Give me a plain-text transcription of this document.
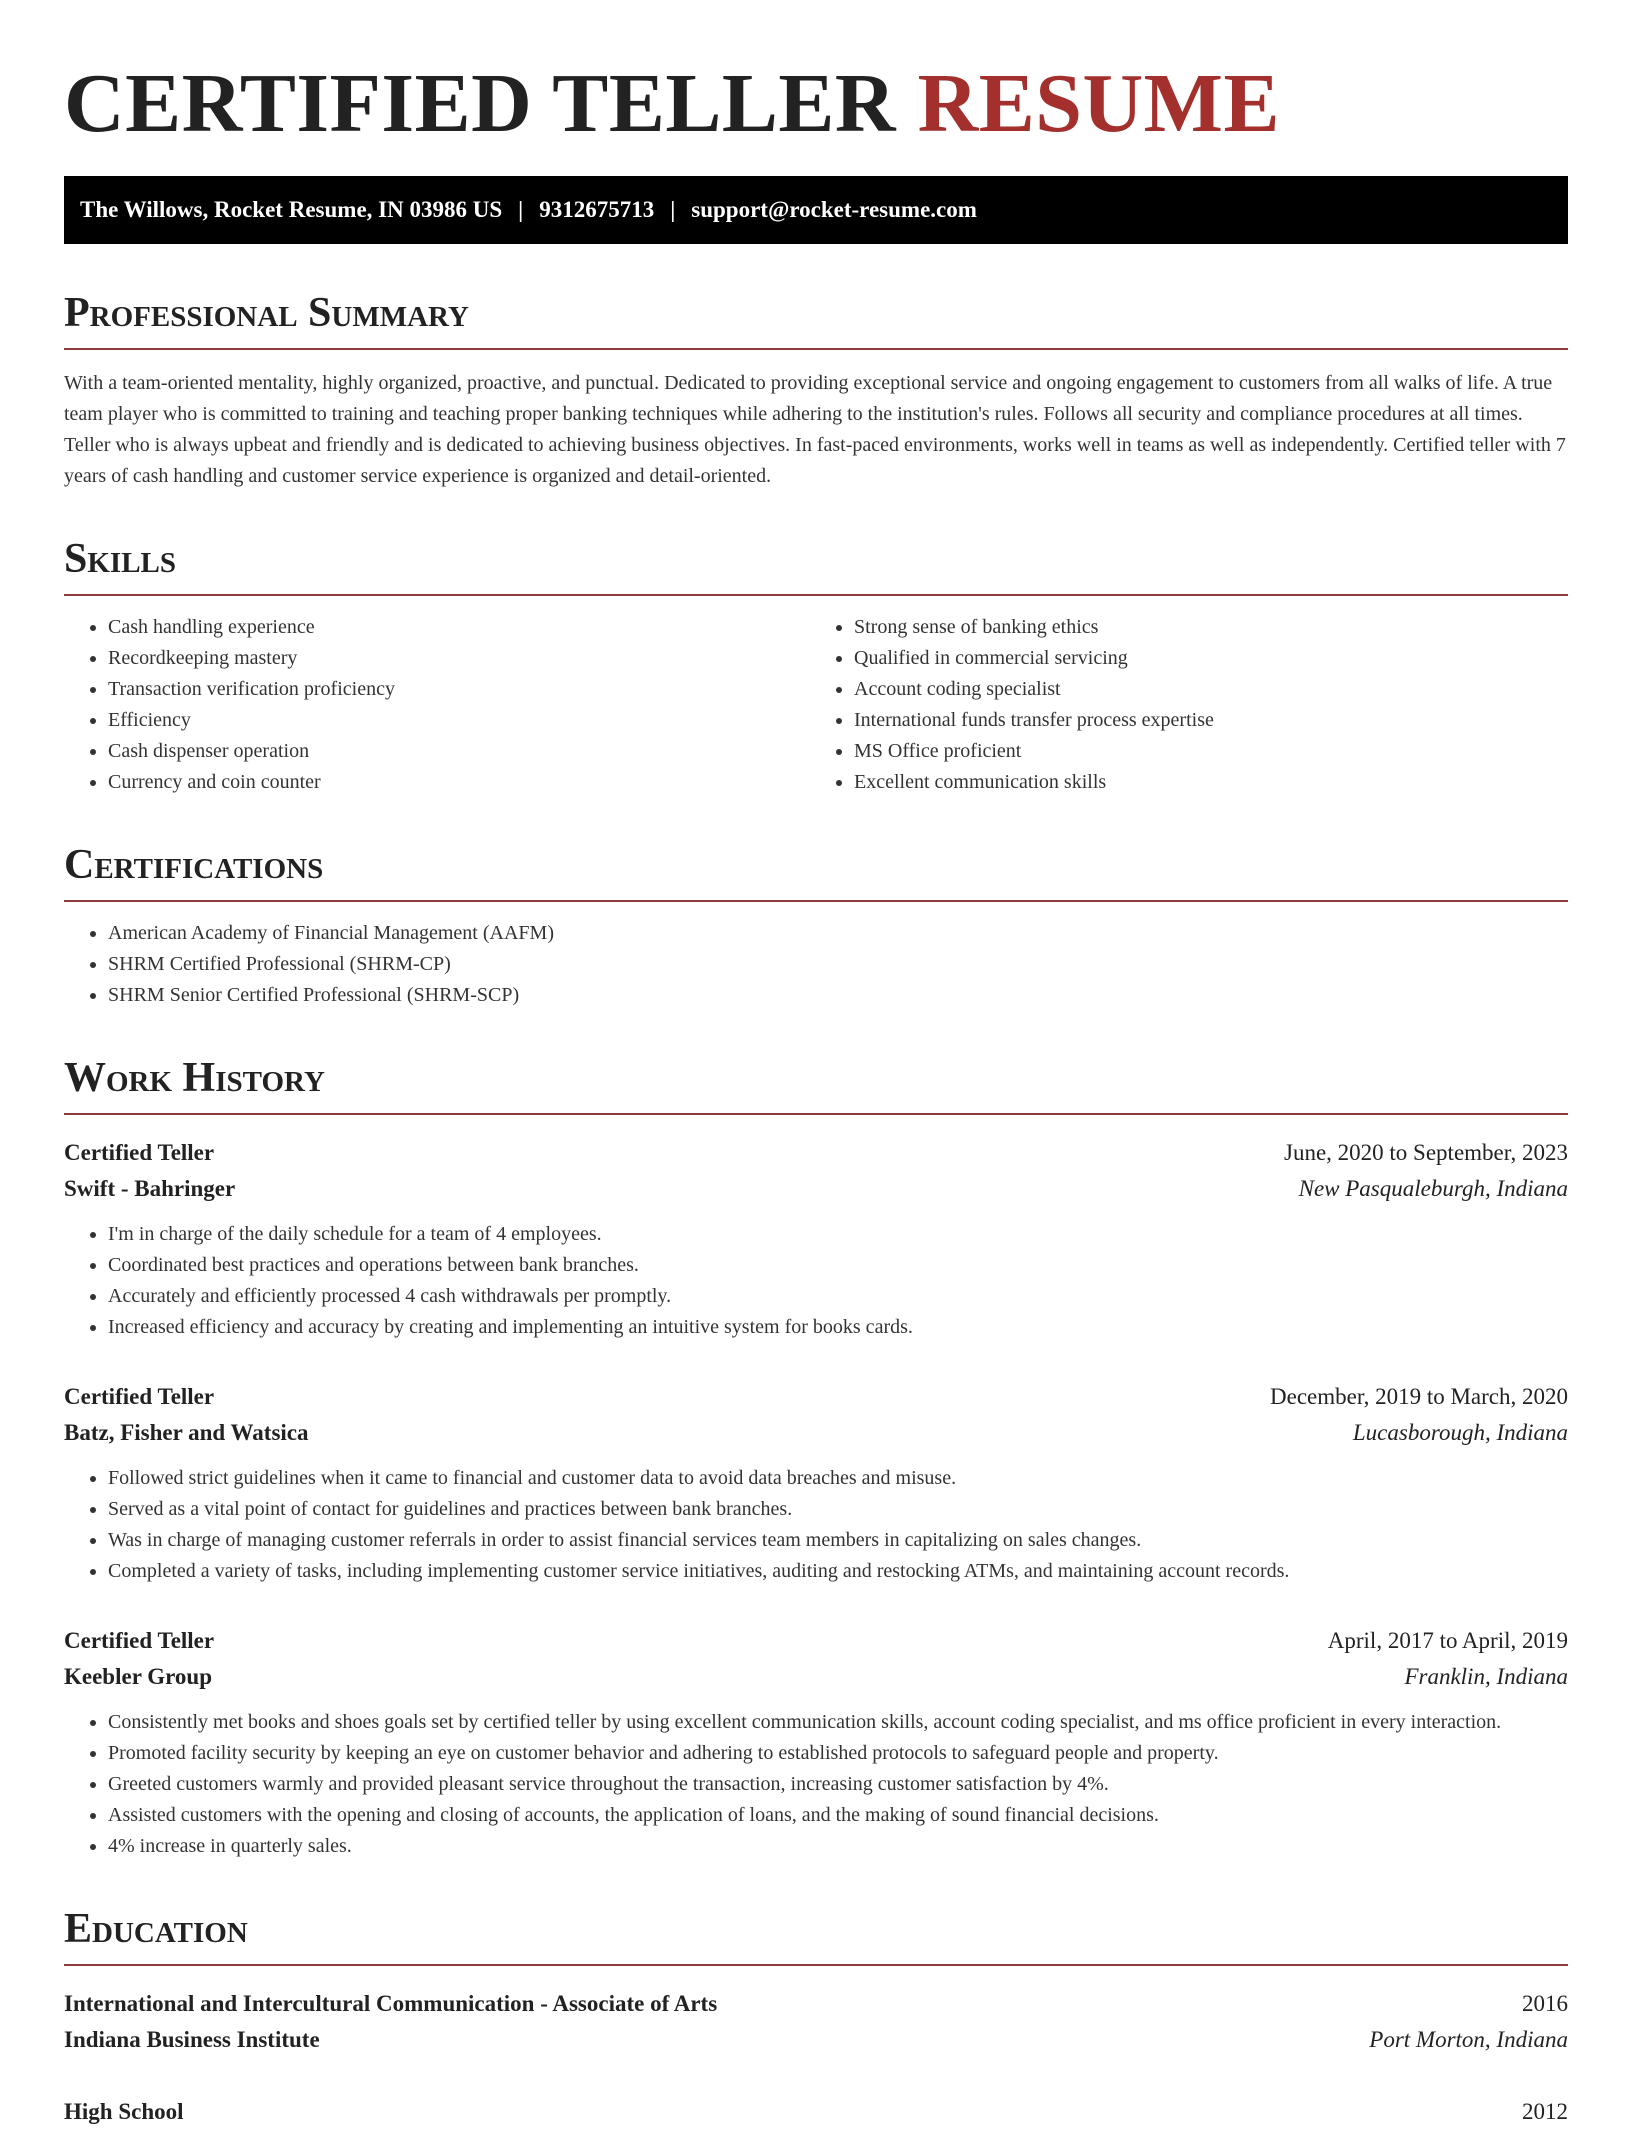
CERTIFIED TELLER RESUME
The Willows, Rocket Resume, IN 03986 US | 9312675713 | support@rocket-resume.com
Professional Summary

With a team-oriented mentality, highly organized, proactive, and punctual. Dedicated to providing exceptional service and ongoing engagement to customers from all walks of life. A true team player who is committed to training and teaching proper banking techniques while adhering to the institution's rules. Follows all security and compliance procedures at all times. Teller who is always upbeat and friendly and is dedicated to achieving business objectives. In fast-paced environments, works well in teams as well as independently. Certified teller with 7 years of cash handling and customer service experience is organized and detail-oriented.

Skills
• Cash handling experience
• Recordkeeping mastery
• Transaction verification proficiency
• Efficiency
• Cash dispenser operation
• Currency and coin counter
• Strong sense of banking ethics
• Qualified in commercial servicing
• Account coding specialist
• International funds transfer process expertise
• MS Office proficient
• Excellent communication skills
Certifications
• American Academy of Financial Management (AAFM)
• SHRM Certified Professional (SHRM-CP)
• SHRM Senior Certified Professional (SHRM-SCP)
Work History
Certified Teller	June, 2020 to September, 2023
Swift - Bahringer	New Pasqualeburgh, Indiana
• I'm in charge of the daily schedule for a team of 4 employees.
• Coordinated best practices and operations between bank branches.
• Accurately and efficiently processed 4 cash withdrawals per promptly.
• Increased efficiency and accuracy by creating and implementing an intuitive system for books cards.
Certified Teller	December, 2019 to March, 2020
Batz, Fisher and Watsica	Lucasborough, Indiana
• Followed strict guidelines when it came to financial and customer data to avoid data breaches and misuse.
• Served as a vital point of contact for guidelines and practices between bank branches.
• Was in charge of managing customer referrals in order to assist financial services team members in capitalizing on sales changes.
• Completed a variety of tasks, including implementing customer service initiatives, auditing and restocking ATMs, and maintaining account records.
Certified Teller	April, 2017 to April, 2019
Keebler Group	Franklin, Indiana
• Consistently met books and shoes goals set by certified teller by using excellent communication skills, account coding specialist, and ms office proficient in every interaction.
• Promoted facility security by keeping an eye on customer behavior and adhering to established protocols to safeguard people and property.
• Greeted customers warmly and provided pleasant service throughout the transaction, increasing customer satisfaction by 4%.
• Assisted customers with the opening and closing of accounts, the application of loans, and the making of sound financial decisions.
• 4% increase in quarterly sales.
Education
International and Intercultural Communication - Associate of Arts	2016
Indiana Business Institute	Port Morton, Indiana
High School	2012
